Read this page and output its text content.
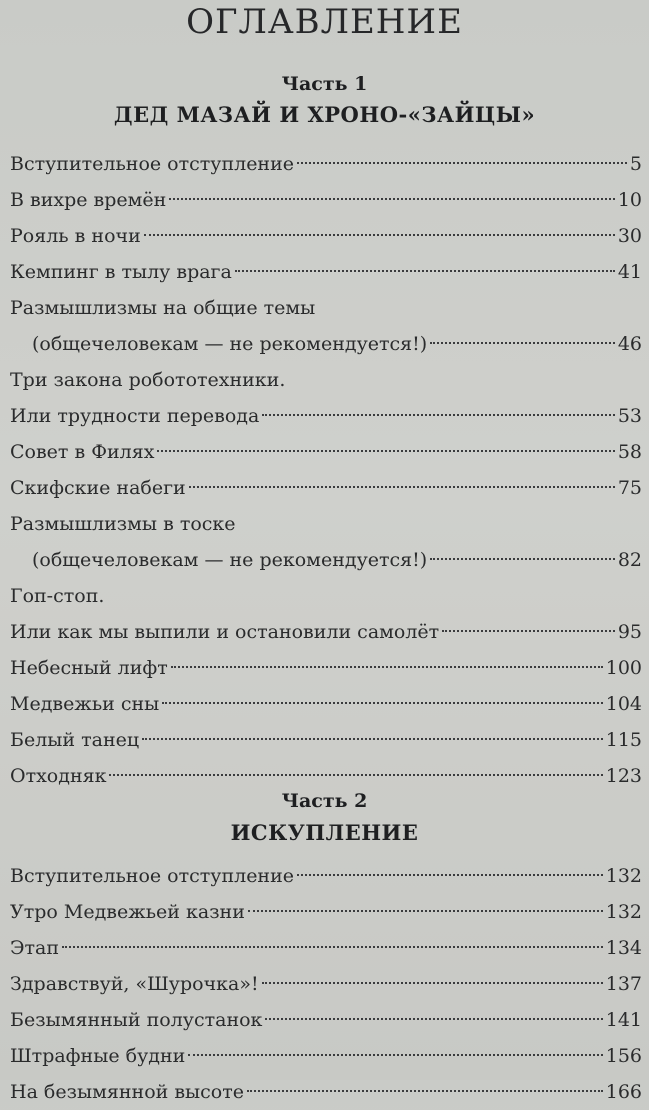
ОГЛАВЛЕНИЕ
Часть 1
ДЕД МАЗАЙ И ХРОНО-«ЗАЙЦЫ»
Вступительное отступление	5
В вихре времён	10
Рояль в ночи	30
Кемпинг в тылу врага	41
Размышлизмы на общие темы
(общечеловекам — не рекомендуется!)	46
Три закона робототехники.
Или трудности перевода	53
Совет в Филях	58
Скифские набеги	75
Размышлизмы в тоске
(общечеловекам — не рекомендуется!)	82
Гоп-стоп.
Или как мы выпили и остановили самолёт	95
Небесный лифт	100
Медвежьи сны	104
Белый танец	115
Отходняк	123
Часть 2
ИСКУПЛЕНИЕ
Вступительное отступление	132
Утро Медвежьей казни	132
Этап	134
Здравствуй, «Шурочка»!	137
Безымянный полустанок	141
Штрафные будни	156
На безымянной высоте	166
